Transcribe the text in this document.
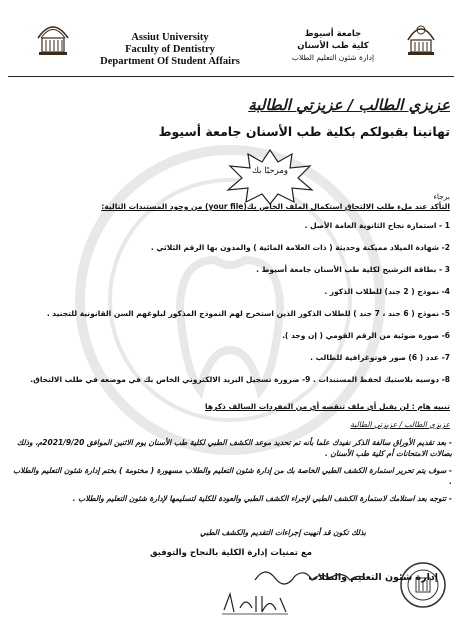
Assiut University
Faculty of Dentistry
Department Of Student Affairs
جامعة أسيوط
كلية طب الأسنان
إدارة شئون التعليم الطلاب
عزيزي الطالب / عزيزتي الطالبة
تهانينا بقبولكم بكلية طب الأسنان جامعة أسيوط
ومرحبًا بك
برجاء
التأكد عند ملء طلب الالتحاق استكمال الملف الخاص بك(your file) من وجود المستندات التالية:
1 - استمارة نجاح الثانوية العامة الأصل .
2- شهادة الميلاد مميكنة وحديثة ( ذات العلامة المائية ) والمدون بها الرقم الثلاثي .
3 - بطاقة الترشيح لكلية طب الأسنان جامعة أسيوط .
4- نموذج ( 2 جند) للطلاب الذكور .
5- نموذج ( 6 جند ، 7 جند ) للطلاب الذكور الذين استخرج لهم النموذج المذكور لبلوغهم السن القانونية للتجنيد .
6- صورة ضوئية من الرقم القومي ( إن وجد ).
7- عدد ( 6) صور فوتوغرافية للطالب .
8- دوسيه بلاستيك لحفظ المستندات . 9- ضرورة تسجيل البريد الالكتروني الخاص بك في موضعه في طلب الالتحاق.
تنبيه هام : لن يقبل أي ملف تنقصه أي من المفردات السالف ذكرها
عزيزي الطالب / عزيزتي الطالبة

- بعد تقديم الأوراق سالفة الذكر نفيدك علما بأنه تم تحديد موعد الكشف الطبي لكلية طب الأسنان يوم الاثنين الموافق 2021/9/20م، وذلك بصالات الامتحانات أم كلية طب الأسنان .

- سوف يتم تحرير استمارة الكشف الطبي الخاصة بك من إدارة شئون التعليم والطلاب مسهورة ( مختومة ) بختم إدارة شئون التعليم والطلاب .

- تتوجه بعد استلامك لاستمارة الكشف الطبي لإجراء الكشف الطبي والعودة للكلية لتسليمها لإدارة شئون التعليم والطلاب .

بذلك تكون قد أنهيت إجراءات التقديم والكشف الطبي
مع تمنيات إدارة الكلية بالنجاح والتوفيق
إدارة شئون التعليم والطلاب
